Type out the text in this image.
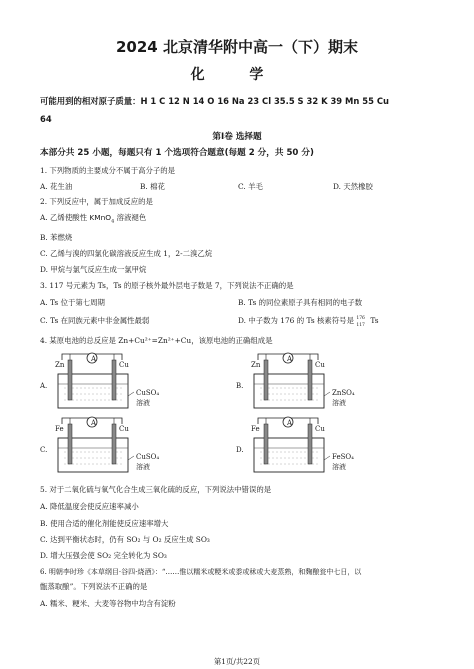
2024 北京清华附中高一（下）期末
化 学
可能用到的相对原子质量：H 1 C 12 N 14 O 16 Na 23 Cl 35.5 S 32 K 39 Mn 55 Cu
64
第Ⅰ卷 选择题
本部分共 25 小题，每题只有 1 个选项符合题意(每题 2 分，共 50 分)
1. 下列物质的主要成分不属于高分子的是
A. 花生油	B. 棉花	C. 羊毛	D. 天然橡胶
2. 下列反应中，属于加成反应的是
A. 乙烯使酸性 KMnO$_4$ 溶液褪色
B. 苯燃烧
C. 乙烯与溴的四氯化碳溶液反应生成 1，2-二溴乙烷
D. 甲烷与氯气反应生成一氯甲烷
3. 117 号元素为 Ts，Ts 的原子核外最外层电子数是 7，下列说法不正确的是
A. Ts 位于第七周期	B. Ts 的同位素原子具有相同的电子数
C. Ts 在同族元素中非金属性最弱	D. 中子数为 176 的 Ts 核素符号是 176
117
Ts
4. 某原电池的总反应是 Zn+Cu²⁺=Zn²⁺+Cu，该原电池的正确组成是
A.
Zn
A
Cu
CuSO₄
溶液
B.
Zn
A
Cu
ZnSO₄
溶液
C.
Fe
A
Cu
CuSO₄
溶液
D.
Fe
A
Cu
FeSO₄
溶液
5. 对于二氧化硫与氧气化合生成三氧化硫的反应，下列说法中错误的是
A. 降低温度会使反应速率减小
B. 使用合适的催化剂能使反应速率增大
C. 达到平衡状态时，仍有 SO₂ 与 O₂ 反应生成 SO₃
D. 增大压强会使 SO₂ 完全转化为 SO₃
6. 明朝李时珍《本草纲目·谷四·烧酒》：“……惟以糯米或粳米或黍或秫或大麦蒸熟，和麴酿瓮中七日，以
甑蒸取酿”。下列说法不正确的是
A. 糯米、粳米、大麦等谷物中均含有淀粉
第1页/共22页
